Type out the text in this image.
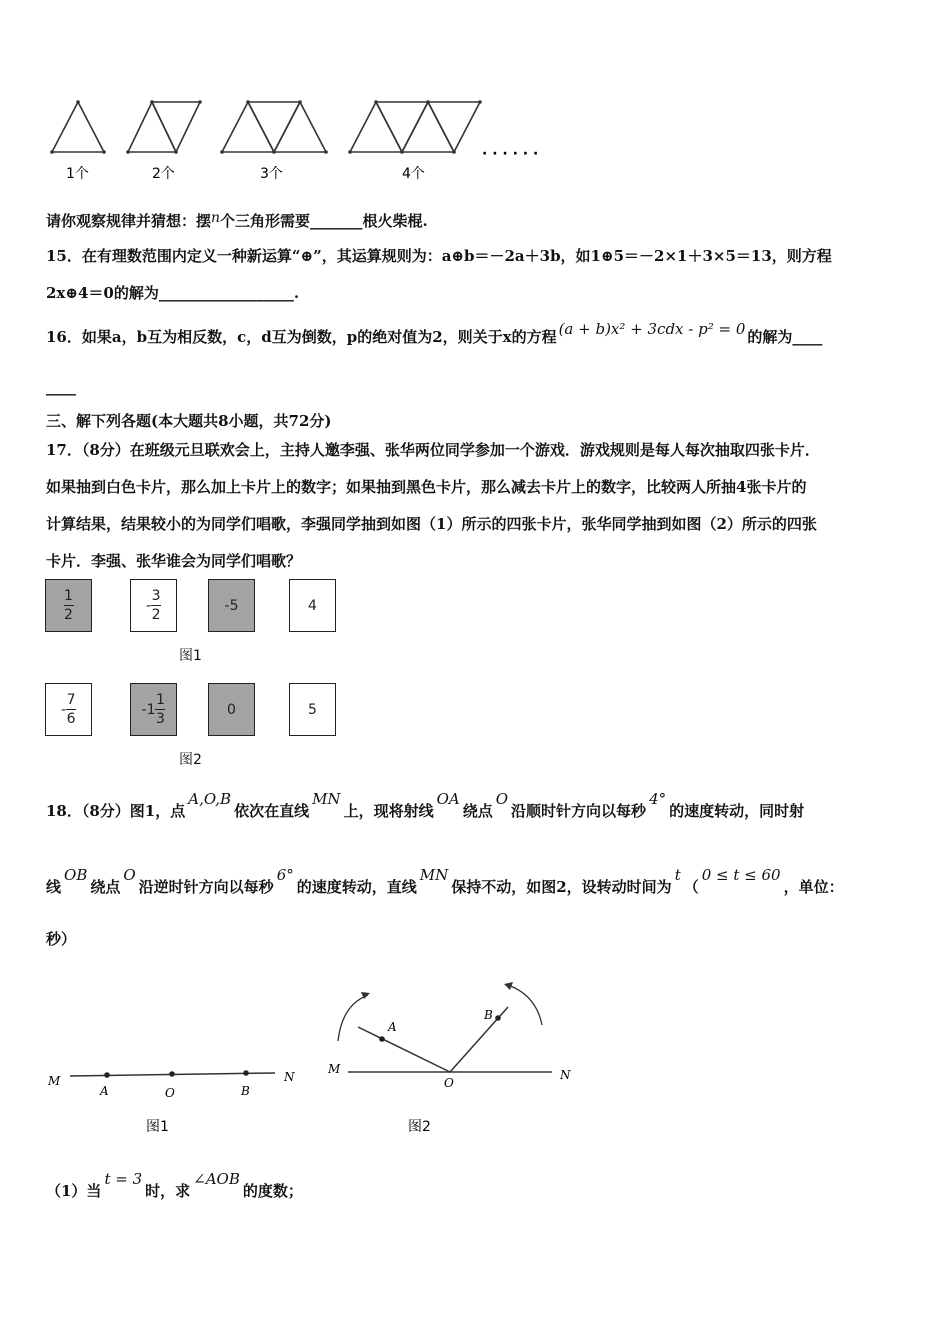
1个	2个	3个	4个
· · · · · ·
请你观察规律并猜想：摆n个三角形需要_______根火柴棍.
15．在有理数范围内定义一种新运算“⊕”，其运算规则为：a⊕b＝－2a＋3b，如1⊕5＝－2×1＋3×5＝13，则方程
2x⊕4＝0的解为__________________.
16．如果a，b互为相反数，c，d互为倒数，p的绝对值为2，则关于x的方程 (a + b)x² + 3cdx - p² = 0 的解为____
____
三、解下列各题(本大题共8小题，共72分)
17．（8分）在班级元旦联欢会上，主持人邀李强、张华两位同学参加一个游戏．游戏规则是每人每次抽取四张卡片．
如果抽到白色卡片，那么加上卡片上的数字；如果抽到黑色卡片，那么减去卡片上的数字，比较两人所抽4张卡片的
计算结果，结果较小的为同学们唱歌，李强同学抽到如图（1）所示的四张卡片，张华同学抽到如图（2）所示的四张
卡片．李强、张华谁会为同学们唱歌？
$\frac{1}{2}$	- $\frac{3}{2}$	-5	4
图1
- $\frac{7}{6}$	- $1 \frac{1}{3}$	0	5
图2
18．（8分）图1，点A,O,B依次在直线MN上，现将射线OA绕点O沿顺时针方向以每秒4°的速度转动，同时射
线OB绕点O沿逆时针方向以每秒6°的速度转动，直线MN保持不动，如图2，设转动时间为t（0 ≤ t ≤ 60，单位：
秒）
M
A	O	B
N
图1
M
A
O
B
N
图2
（1）当t = 3时，求∠AOB的度数；
